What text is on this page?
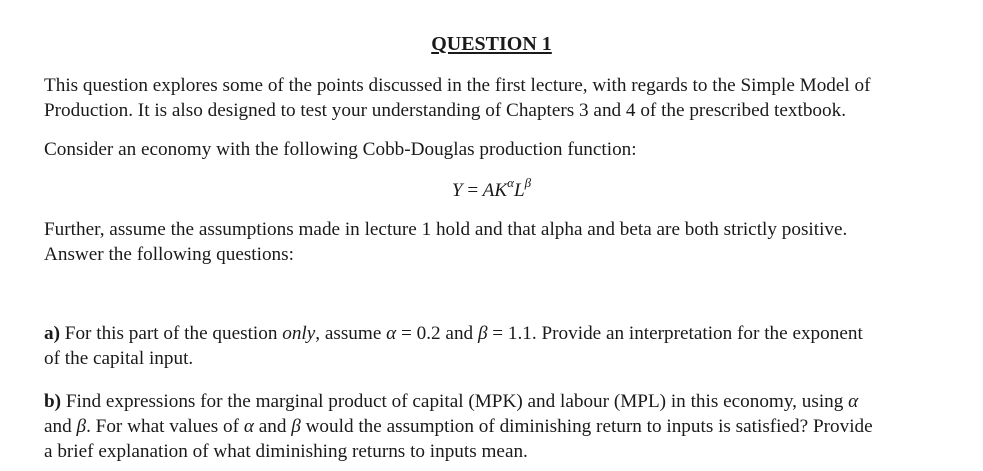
QUESTION 1

This question explores some of the points discussed in the first lecture, with regards to the Simple Model of
Production. It is also designed to test your understanding of Chapters 3 and 4 of the prescribed textbook.

Consider an economy with the following Cobb-Douglas production function:

$Y = AK^\alpha L^\beta$

Further, assume the assumptions made in lecture 1 hold and that alpha and beta are both strictly positive.
Answer the following questions:

a) For this part of the question only, assume α = 0.2 and β = 1.1. Provide an interpretation for the exponent
of the capital input.

b) Find expressions for the marginal product of capital (MPK) and labour (MPL) in this economy, using α
and β. For what values of α and β would the assumption of diminishing return to inputs is satisfied? Provide
a brief explanation of what diminishing returns to inputs mean.
